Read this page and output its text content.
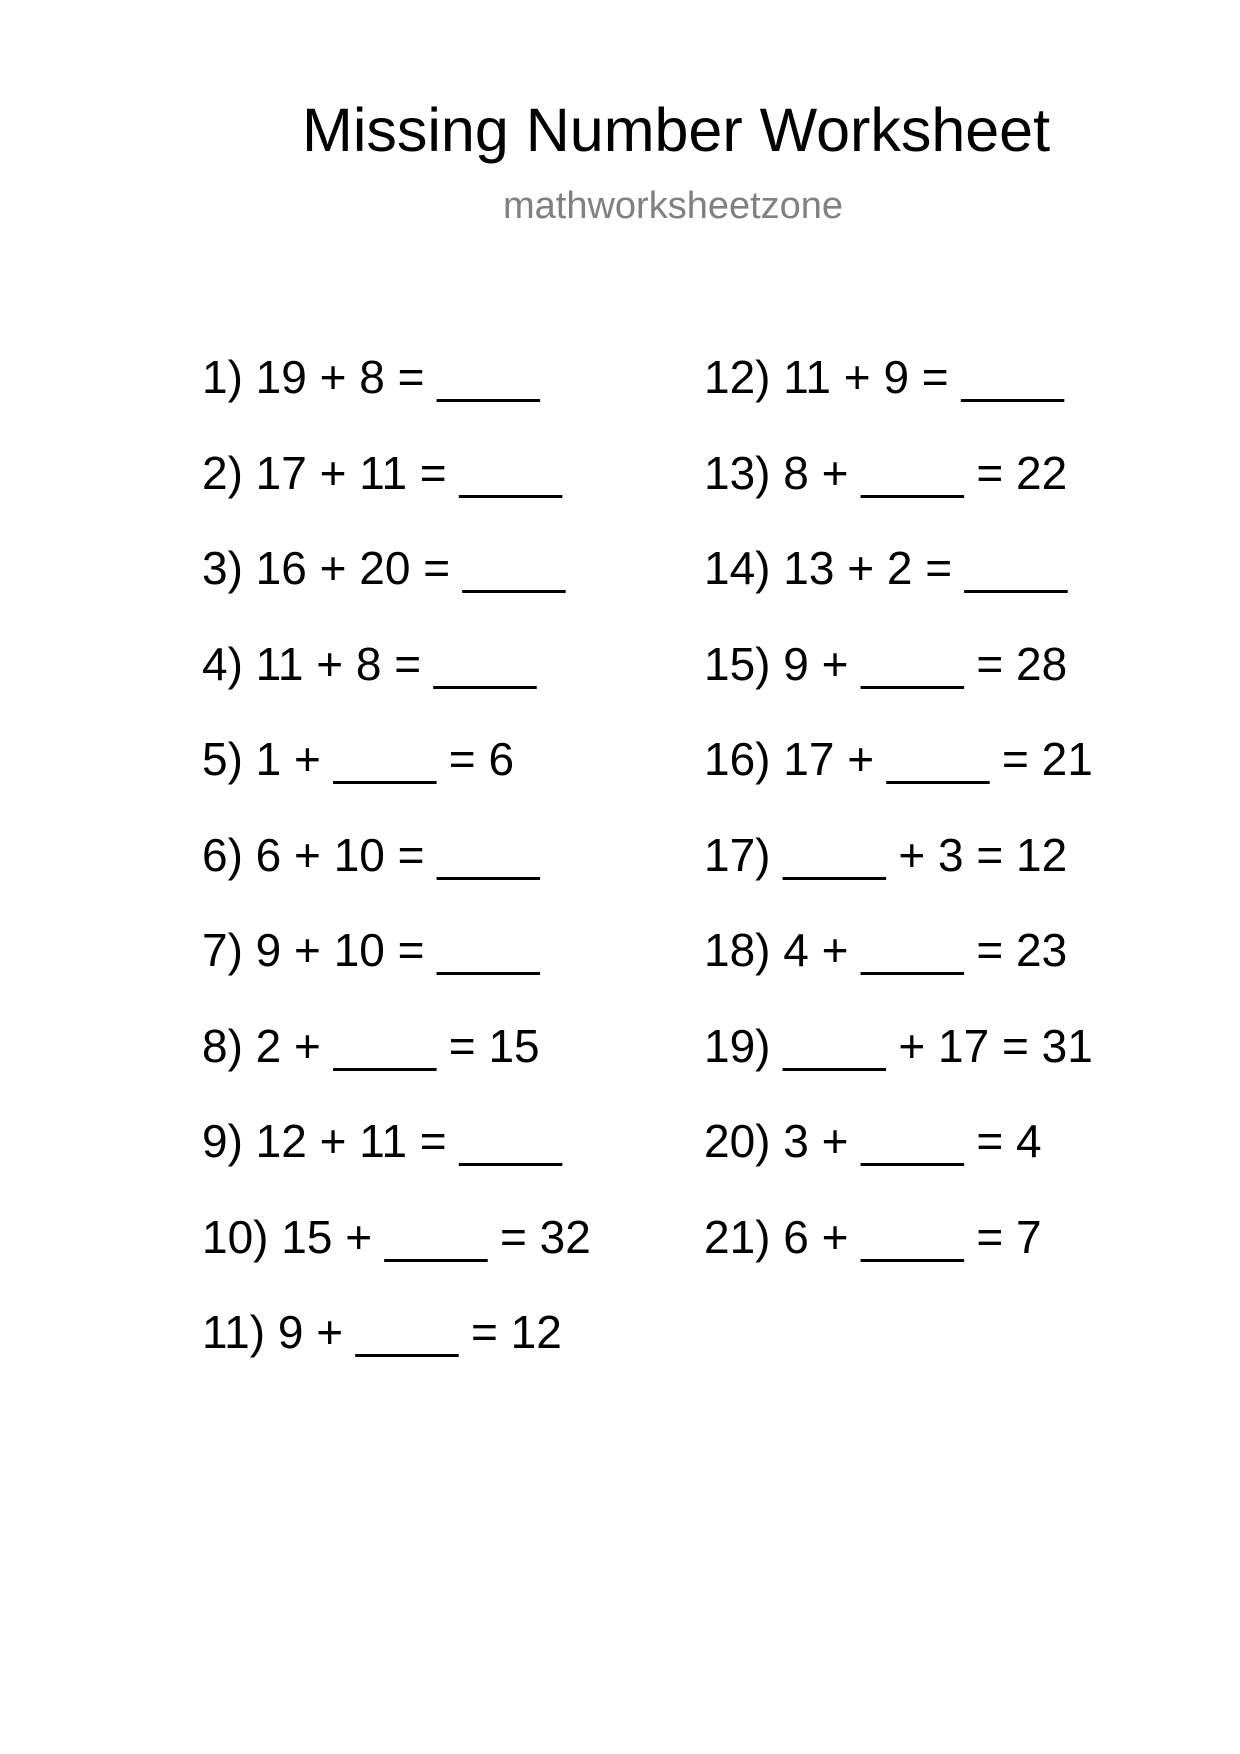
Missing Number Worksheet
mathworksheetzone
1) 19 + 8 = ____
2) 17 + 11 = ____
3) 16 + 20 = ____
4) 11 + 8 = ____
5) 1 + ____ = 6
6) 6 + 10 = ____
7) 9 + 10 = ____
8) 2 + ____ = 15
9) 12 + 11 = ____
10) 15 + ____ = 32
11) 9 + ____ = 12
12) 11 + 9 = ____
13) 8 + ____ = 22
14) 13 + 2 = ____
15) 9 + ____ = 28
16) 17 + ____ = 21
17) ____ + 3 = 12
18) 4 + ____ = 23
19) ____ + 17 = 31
20) 3 + ____ = 4
21) 6 + ____ = 7
